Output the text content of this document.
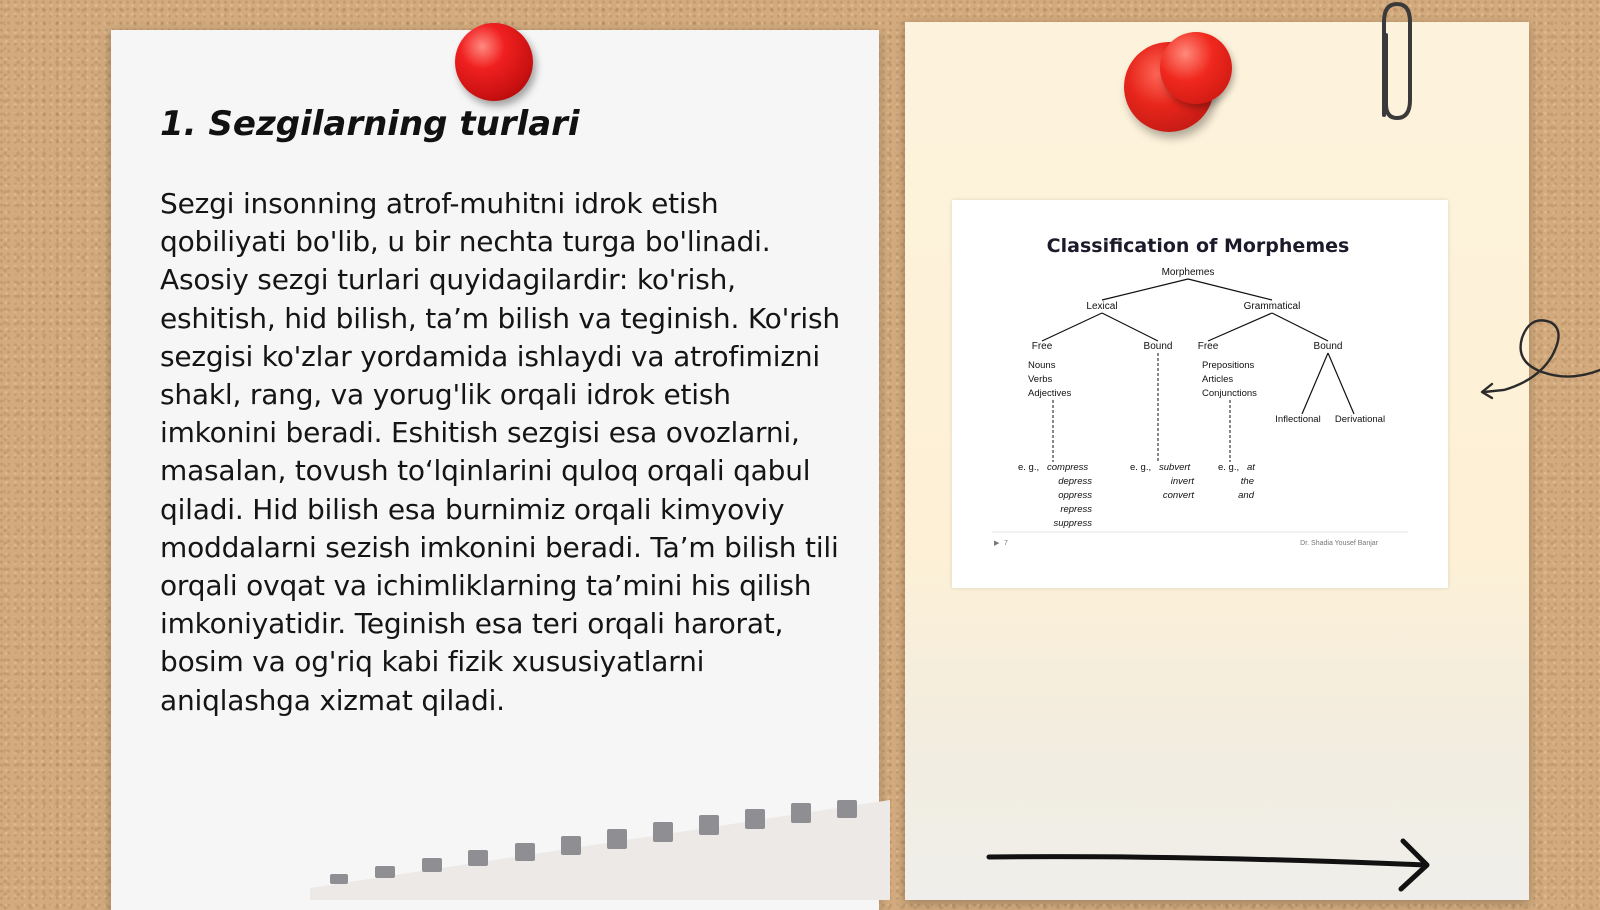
1. Sezgilarning turlari

Sezgi insonning atrof-muhitni idrok etish qobiliyati bo'lib, u bir nechta turga bo'linadi. Asosiy sezgi turlari quyidagilardir: ko'rish, eshitish, hid bilish, ta’m bilish va teginish. Ko'rish sezgisi ko'zlar yordamida ishlaydi va atrofimizni shakl, rang, va yorug'lik orqali idrok etish imkonini beradi. Eshitish sezgisi esa ovozlarni, masalan, tovush to‘lqinlarini quloq orqali qabul qiladi. Hid bilish esa burnimiz orqali kimyoviy moddalarni sezish imkonini beradi. Ta’m bilish tili orqali ovqat va ichimliklarning ta’mini his qilish imkoniyatidir. Teginish esa teri orqali harorat, bosim va og'riq kabi fizik xususiyatlarni aniqlashga xizmat qiladi.

Classification of Morphemes
Morphemes
Lexical	Grammatical
Free	Bound	Free	Bound
Nouns
Verbs
Adjectives
Prepositions
Articles
Conjunctions
Inflectional Derivational
e. g., compress
depress
oppress
repress
suppress
e. g., subvert
invert
convert
e. g., at
the
and
▶ 7	Dr. Shadia Yousef Banjar
